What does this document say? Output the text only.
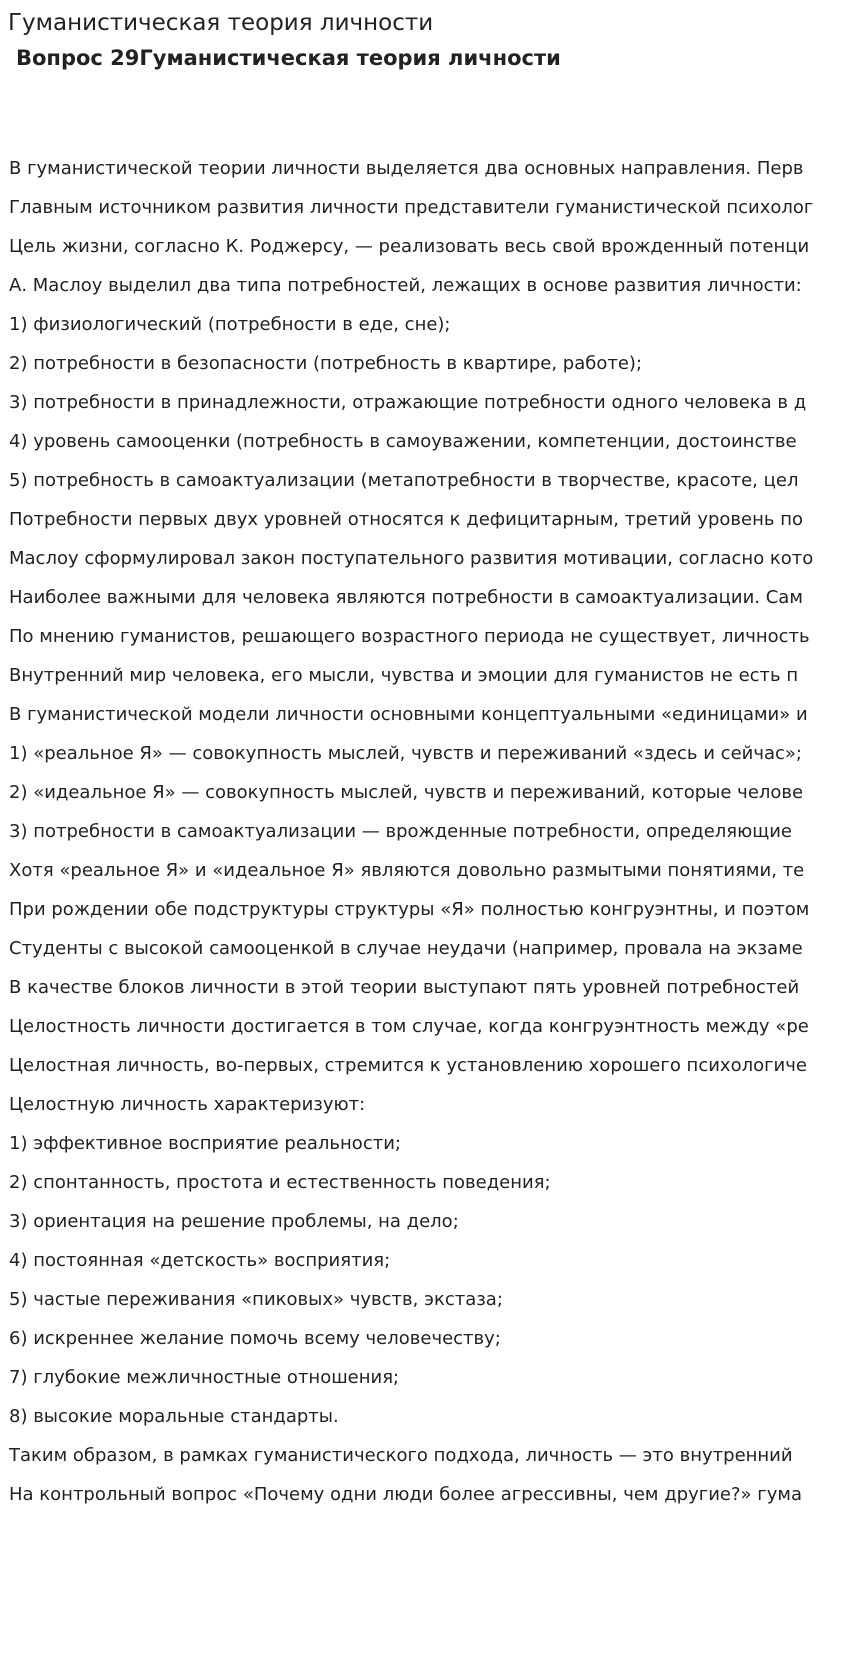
Гуманистическая теория личности
Вопрос 29Гуманистическая теория личности
В гуманистической теории личности выделяется два основных направления. Перв
Главным источником развития личности представители гуманистической психолог
Цель жизни, согласно К. Роджерсу, — реализовать весь свой врожденный потенци
А. Маслоу выделил два типа потребностей, лежащих в основе развития личности:
1) физиологический (потребности в еде, сне);
2) потребности в безопасности (потребность в квартире, работе);
3) потребности в принадлежности, отражающие потребности одного человека в д
4) уровень самооценки (потребность в самоуважении, компетенции, достоинстве
5) потребность в самоактуализации (метапотребности в творчестве, красоте, цел
Потребности первых двух уровней относятся к дефицитарным, третий уровень по
Маслоу сформулировал закон поступательного развития мотивации, согласно кото
Наиболее важными для человека являются потребности в самоактуализации. Сам
По мнению гуманистов, решающего возрастного периода не существует, личность
Внутренний мир человека, его мысли, чувства и эмоции для гуманистов не есть п
В гуманистической модели личности основными концептуальными «единицами» и
1) «реальное Я» — совокупность мыслей, чувств и переживаний «здесь и сейчас»;
2) «идеальное Я» — совокупность мыслей, чувств и переживаний, которые челове
3) потребности в самоактуализации — врожденные потребности, определяющие
Хотя «реальное Я» и «идеальное Я» являются довольно размытыми понятиями, те
При рождении обе подструктуры структуры «Я» полностью конгруэнтны, и поэтом
Студенты с высокой самооценкой в случае неудачи (например, провала на экзаме
В качестве блоков личности в этой теории выступают пять уровней потребностей
Целостность личности достигается в том случае, когда конгруэнтность между «ре
Целостная личность, во-первых, стремится к установлению хорошего психологиче
Целостную личность характеризуют:
1) эффективное восприятие реальности;
2) спонтанность, простота и естественность поведения;
3) ориентация на решение проблемы, на дело;
4) постоянная «детскость» восприятия;
5) частые переживания «пиковых» чувств, экстаза;
6) искреннее желание помочь всему человечеству;
7) глубокие межличностные отношения;
8) высокие моральные стандарты.
Таким образом, в рамках гуманистического подхода, личность — это внутренний
На контрольный вопрос «Почему одни люди более агрессивны, чем другие?» гума
